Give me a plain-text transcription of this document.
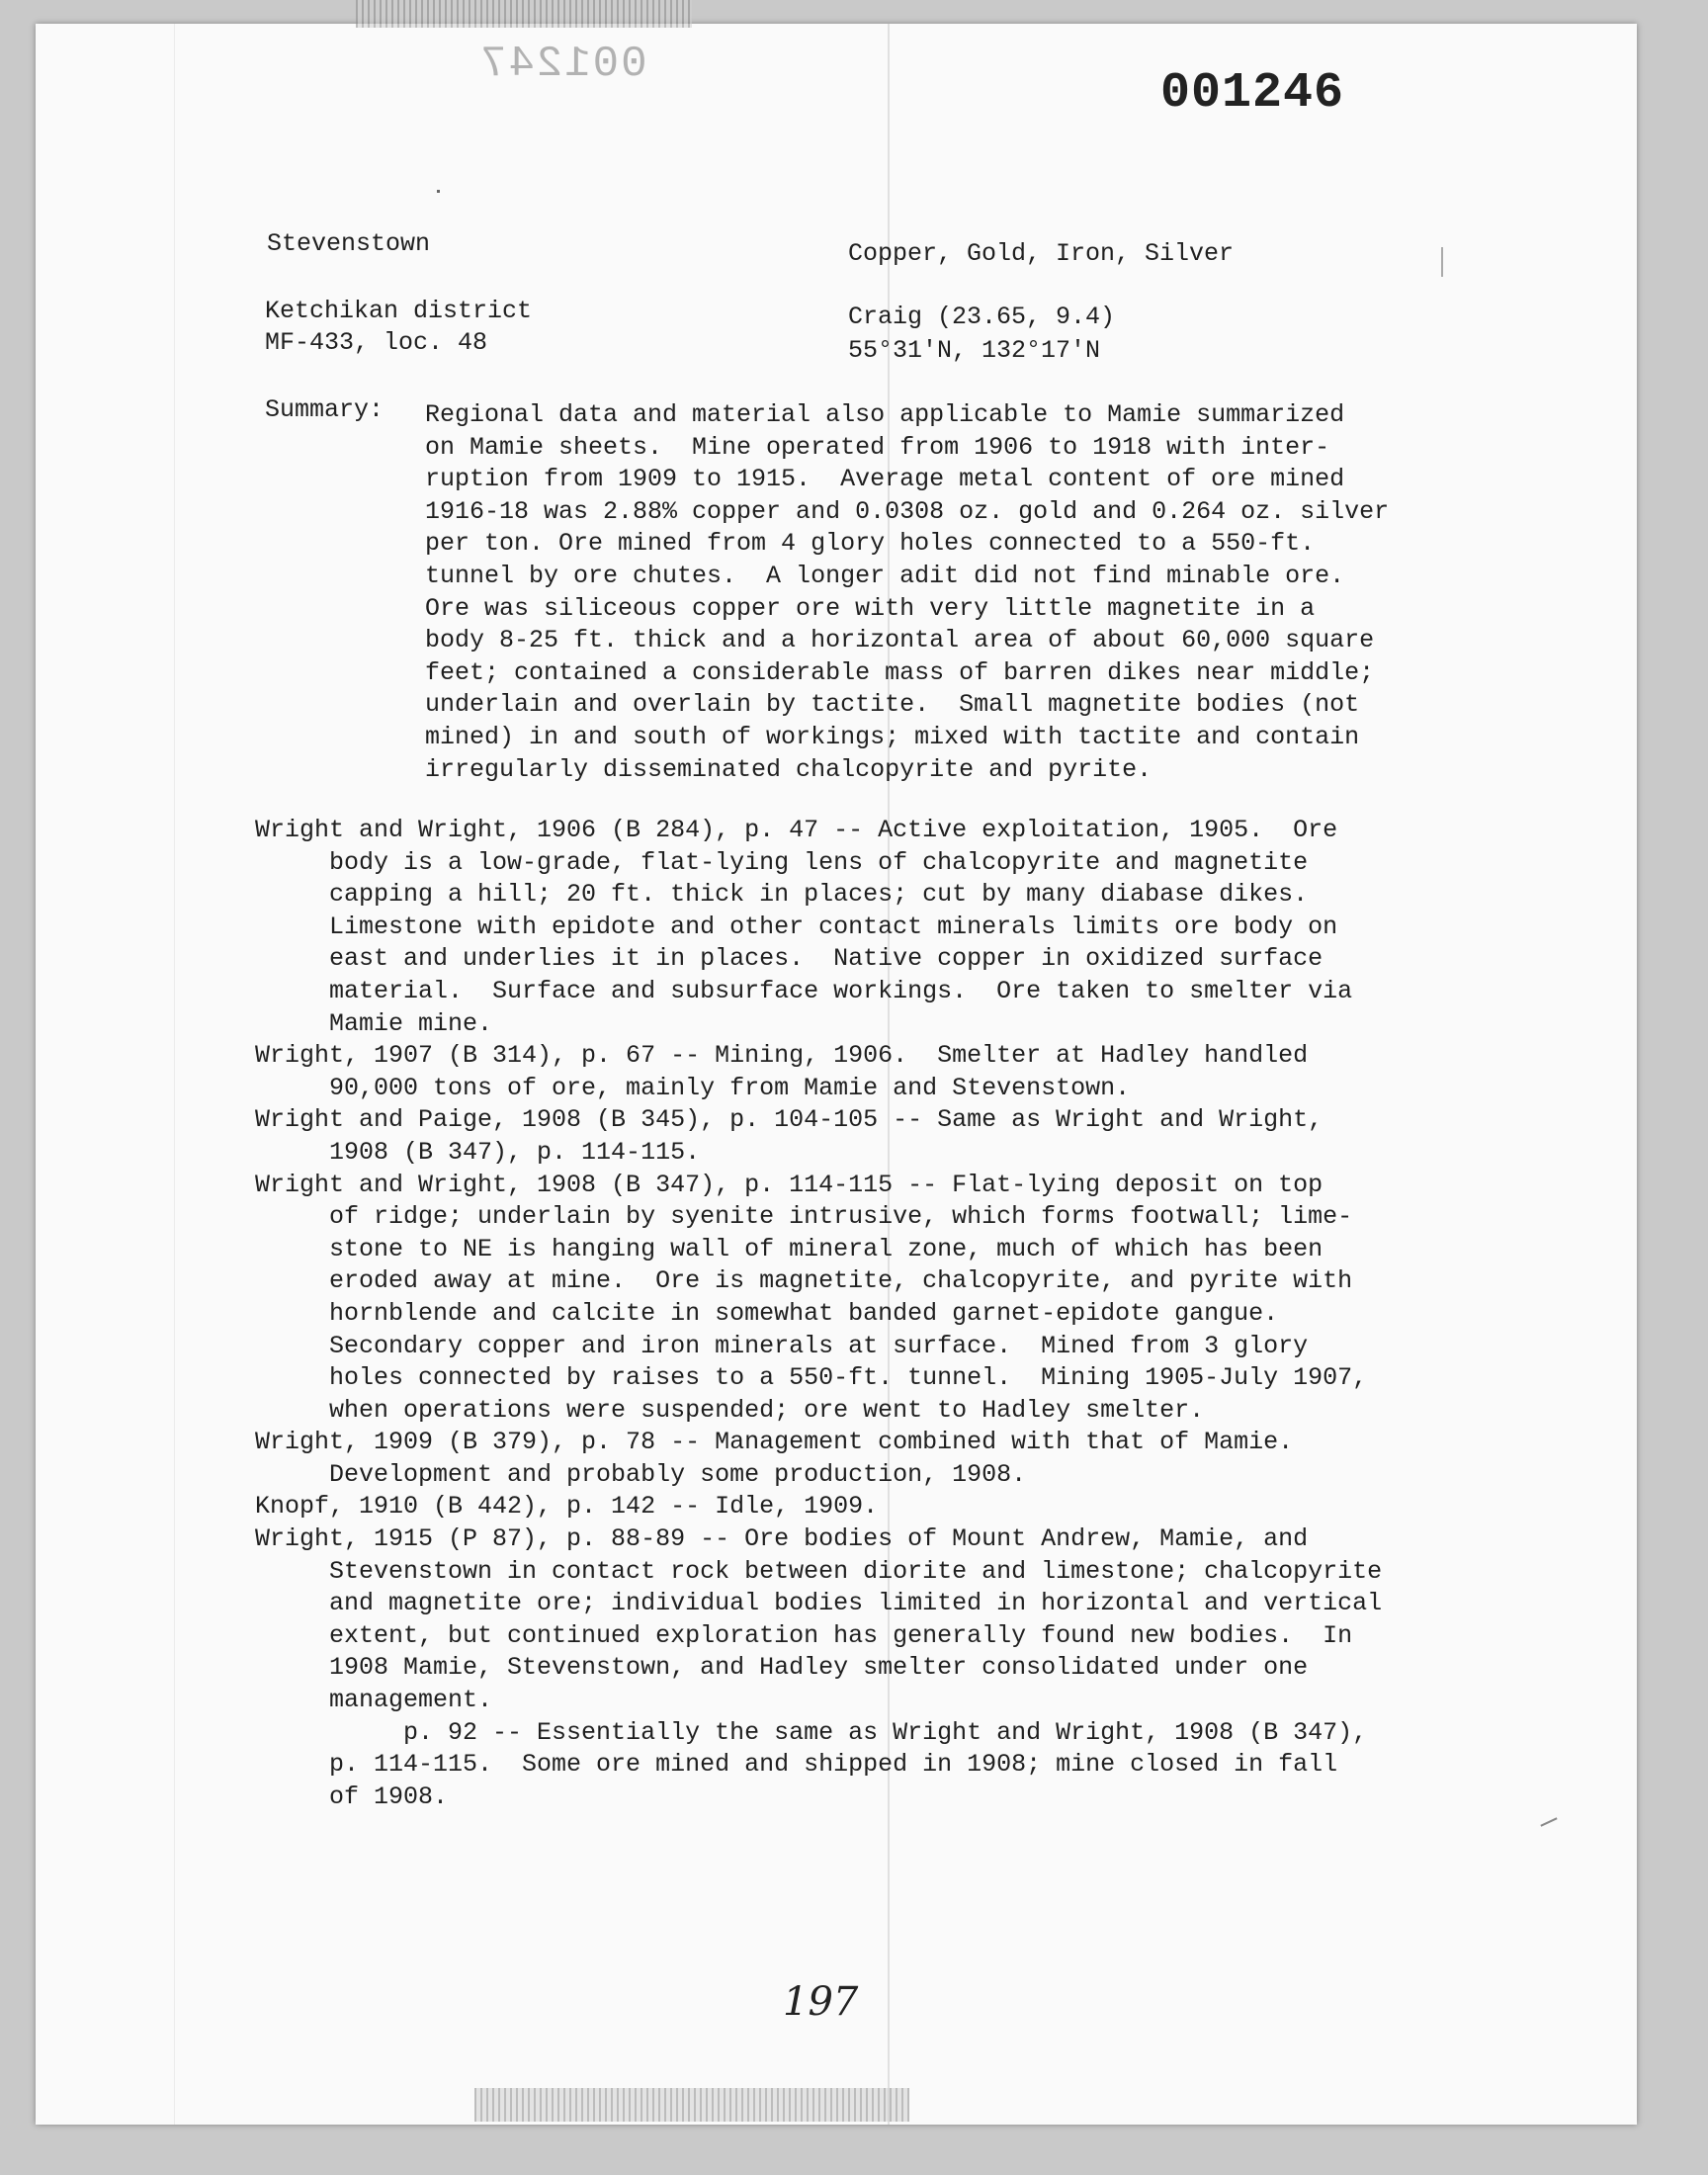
001247
001246
Stevenstown
Ketchikan district
MF-433, loc. 48
Copper, Gold, Iron, Silver
Craig (23.65, 9.4)
55°31'N, 132°17'N
Summary: Regional data and material also applicable to Mamie summarized
on Mamie sheets.  Mine operated from 1906 to 1918 with inter-
ruption from 1909 to 1915.  Average metal content of ore mined
1916-18 was 2.88% copper and 0.0308 oz. gold and 0.264 oz. silver
per ton. Ore mined from 4 glory holes connected to a 550-ft.
tunnel by ore chutes.  A longer adit did not find minable ore.
Ore was siliceous copper ore with very little magnetite in a
body 8-25 ft. thick and a horizontal area of about 60,000 square
feet; contained a considerable mass of barren dikes near middle;
underlain and overlain by tactite.  Small magnetite bodies (not
mined) in and south of workings; mixed with tactite and contain
irregularly disseminated chalcopyrite and pyrite.
Wright and Wright, 1906 (B 284), p. 47 -- Active exploitation, 1905.  Ore
body is a low-grade, flat-lying lens of chalcopyrite and magnetite
capping a hill; 20 ft. thick in places; cut by many diabase dikes.
Limestone with epidote and other contact minerals limits ore body on
east and underlies it in places.  Native copper in oxidized surface
material.  Surface and subsurface workings.  Ore taken to smelter via
Mamie mine.
Wright, 1907 (B 314), p. 67 -- Mining, 1906.  Smelter at Hadley handled
90,000 tons of ore, mainly from Mamie and Stevenstown.
Wright and Paige, 1908 (B 345), p. 104-105 -- Same as Wright and Wright,
1908 (B 347), p. 114-115.
Wright and Wright, 1908 (B 347), p. 114-115 -- Flat-lying deposit on top
of ridge; underlain by syenite intrusive, which forms footwall; lime-
stone to NE is hanging wall of mineral zone, much of which has been
eroded away at mine.  Ore is magnetite, chalcopyrite, and pyrite with
hornblende and calcite in somewhat banded garnet-epidote gangue.
Secondary copper and iron minerals at surface.  Mined from 3 glory
holes connected by raises to a 550-ft. tunnel.  Mining 1905-July 1907,
when operations were suspended; ore went to Hadley smelter.
Wright, 1909 (B 379), p. 78 -- Management combined with that of Mamie.
Development and probably some production, 1908.
Knopf, 1910 (B 442), p. 142 -- Idle, 1909.
Wright, 1915 (P 87), p. 88-89 -- Ore bodies of Mount Andrew, Mamie, and
Stevenstown in contact rock between diorite and limestone; chalcopyrite
and magnetite ore; individual bodies limited in horizontal and vertical
extent, but continued exploration has generally found new bodies.  In
1908 Mamie, Stevenstown, and Hadley smelter consolidated under one
management.
p. 92 -- Essentially the same as Wright and Wright, 1908 (B 347),
p. 114-115.  Some ore mined and shipped in 1908; mine closed in fall
of 1908.
197
